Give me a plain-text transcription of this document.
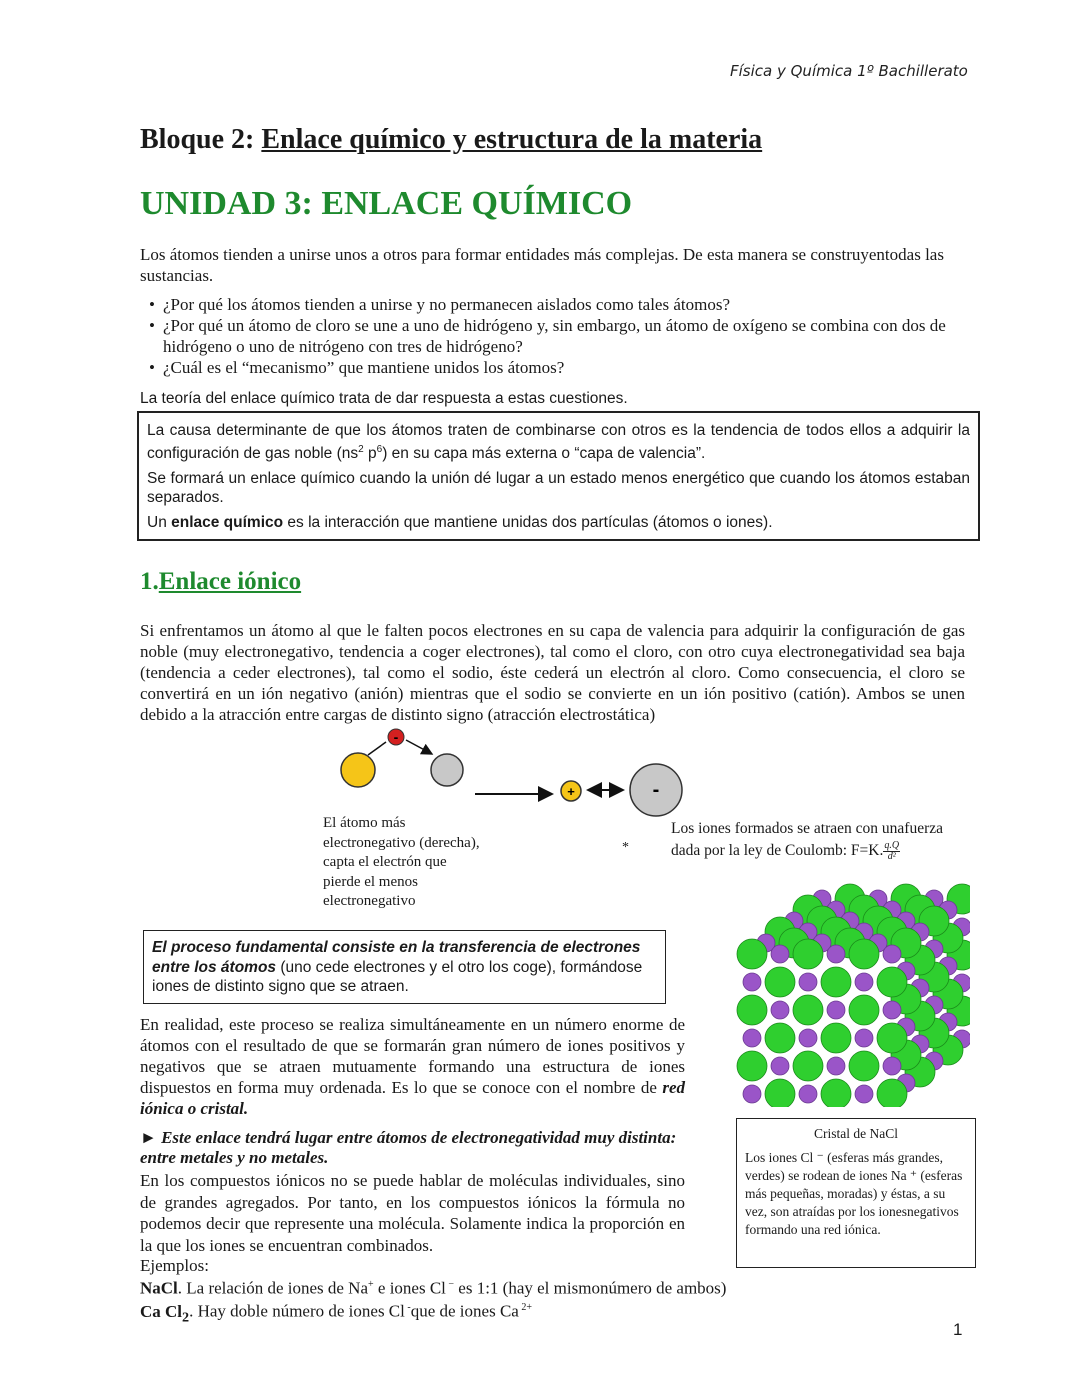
Física y Química 1º Bachillerato
Bloque 2: Enlace químico y estructura de la materia
UNIDAD 3: ENLACE QUÍMICO
Los átomos tienden a unirse unos a otros para formar entidades más complejas. De esta manera se construyentodas las sustancias.
• ¿Por qué los átomos tienden a unirse y no permanecen aislados como tales átomos?
• ¿Por qué un átomo de cloro se une a uno de hidrógeno y, sin embargo, un átomo de oxígeno se combina con dos de hidrógeno o uno de nitrógeno con tres de hidrógeno?
• ¿Cuál es el “mecanismo” que mantiene unidos los átomos?
La teoría del enlace químico trata de dar respuesta a estas cuestiones.

La causa determinante de que los átomos traten de combinarse con otros es la tendencia de todos ellos a adquirir la configuración de gas noble ($ns^2$ $p^6$) en su capa más externa o “capa de valencia”.

Se formará un enlace químico cuando la unión dé lugar a un estado menos energético que cuando los átomos estaban separados.

Un enlace químico es la interacción que mantiene unidas dos partículas (átomos o iones).

1.Enlace iónico
Si enfrentamos un átomo al que le falten pocos electrones en su capa de valencia para adquirir la configuración de gas noble (muy electronegativo, tendencia a coger electrones), tal como el cloro, con otro cuya electronegatividad sea baja (tendencia a ceder electrones), tal como el sodio, éste cederá un electrón al cloro. Como consecuencia, el cloro se convertirá en un ión negativo (anión) mientras que el sodio se convierte en un ión positivo (catión). Ambos se unen debido a la atracción entre cargas de distinto signo (atracción electrostática)
-
+	-
El átomo más electronegativo (derecha), capta el electrón que pierde el menos electronegativo
*
Los iones formados se atraen con unafuerza dada por la ley de Coulomb: F=K. $\frac{q.Q}{\text{d²}}$
El proceso fundamental consiste en la transferencia de electrones entre los átomos (uno cede electrones y el otro los coge), formándose iones de distinto signo que se atraen.
En realidad, este proceso se realiza simultáneamente en un número enorme de átomos con el resultado de que se formarán gran número de iones positivos y negativos que se atraen mutuamente formando una estructura de iones dispuestos en forma muy ordenada. Es lo que se conoce con el nombre de red iónica o cristal.
► Este enlace tendrá lugar entre átomos de electronegatividad muy distinta: entre metales y no metales.
En los compuestos iónicos no se puede hablar de moléculas individuales, sino de grandes agregados. Por tanto, en los compuestos iónicos la fórmula no podemos decir que represente una molécula. Solamente indica la proporción en la que los iones se encuentran combinados.
Ejemplos:
NaCl. La relación de iones de Na+ e iones Cl − es 1:1 (hay el mismonúmero de ambos)
Ca $Cl_2$. Hay doble número de iones Cl -que de iones Ca $^{2+}$
Cristal de NaCl
Los iones Cl ⁻ (esferas más grandes, verdes) se rodean de iones Na ⁺ (esferas más pequeñas, moradas) y éstas, a su vez, son atraídas por los ionesnegativos formando una red iónica.
1
